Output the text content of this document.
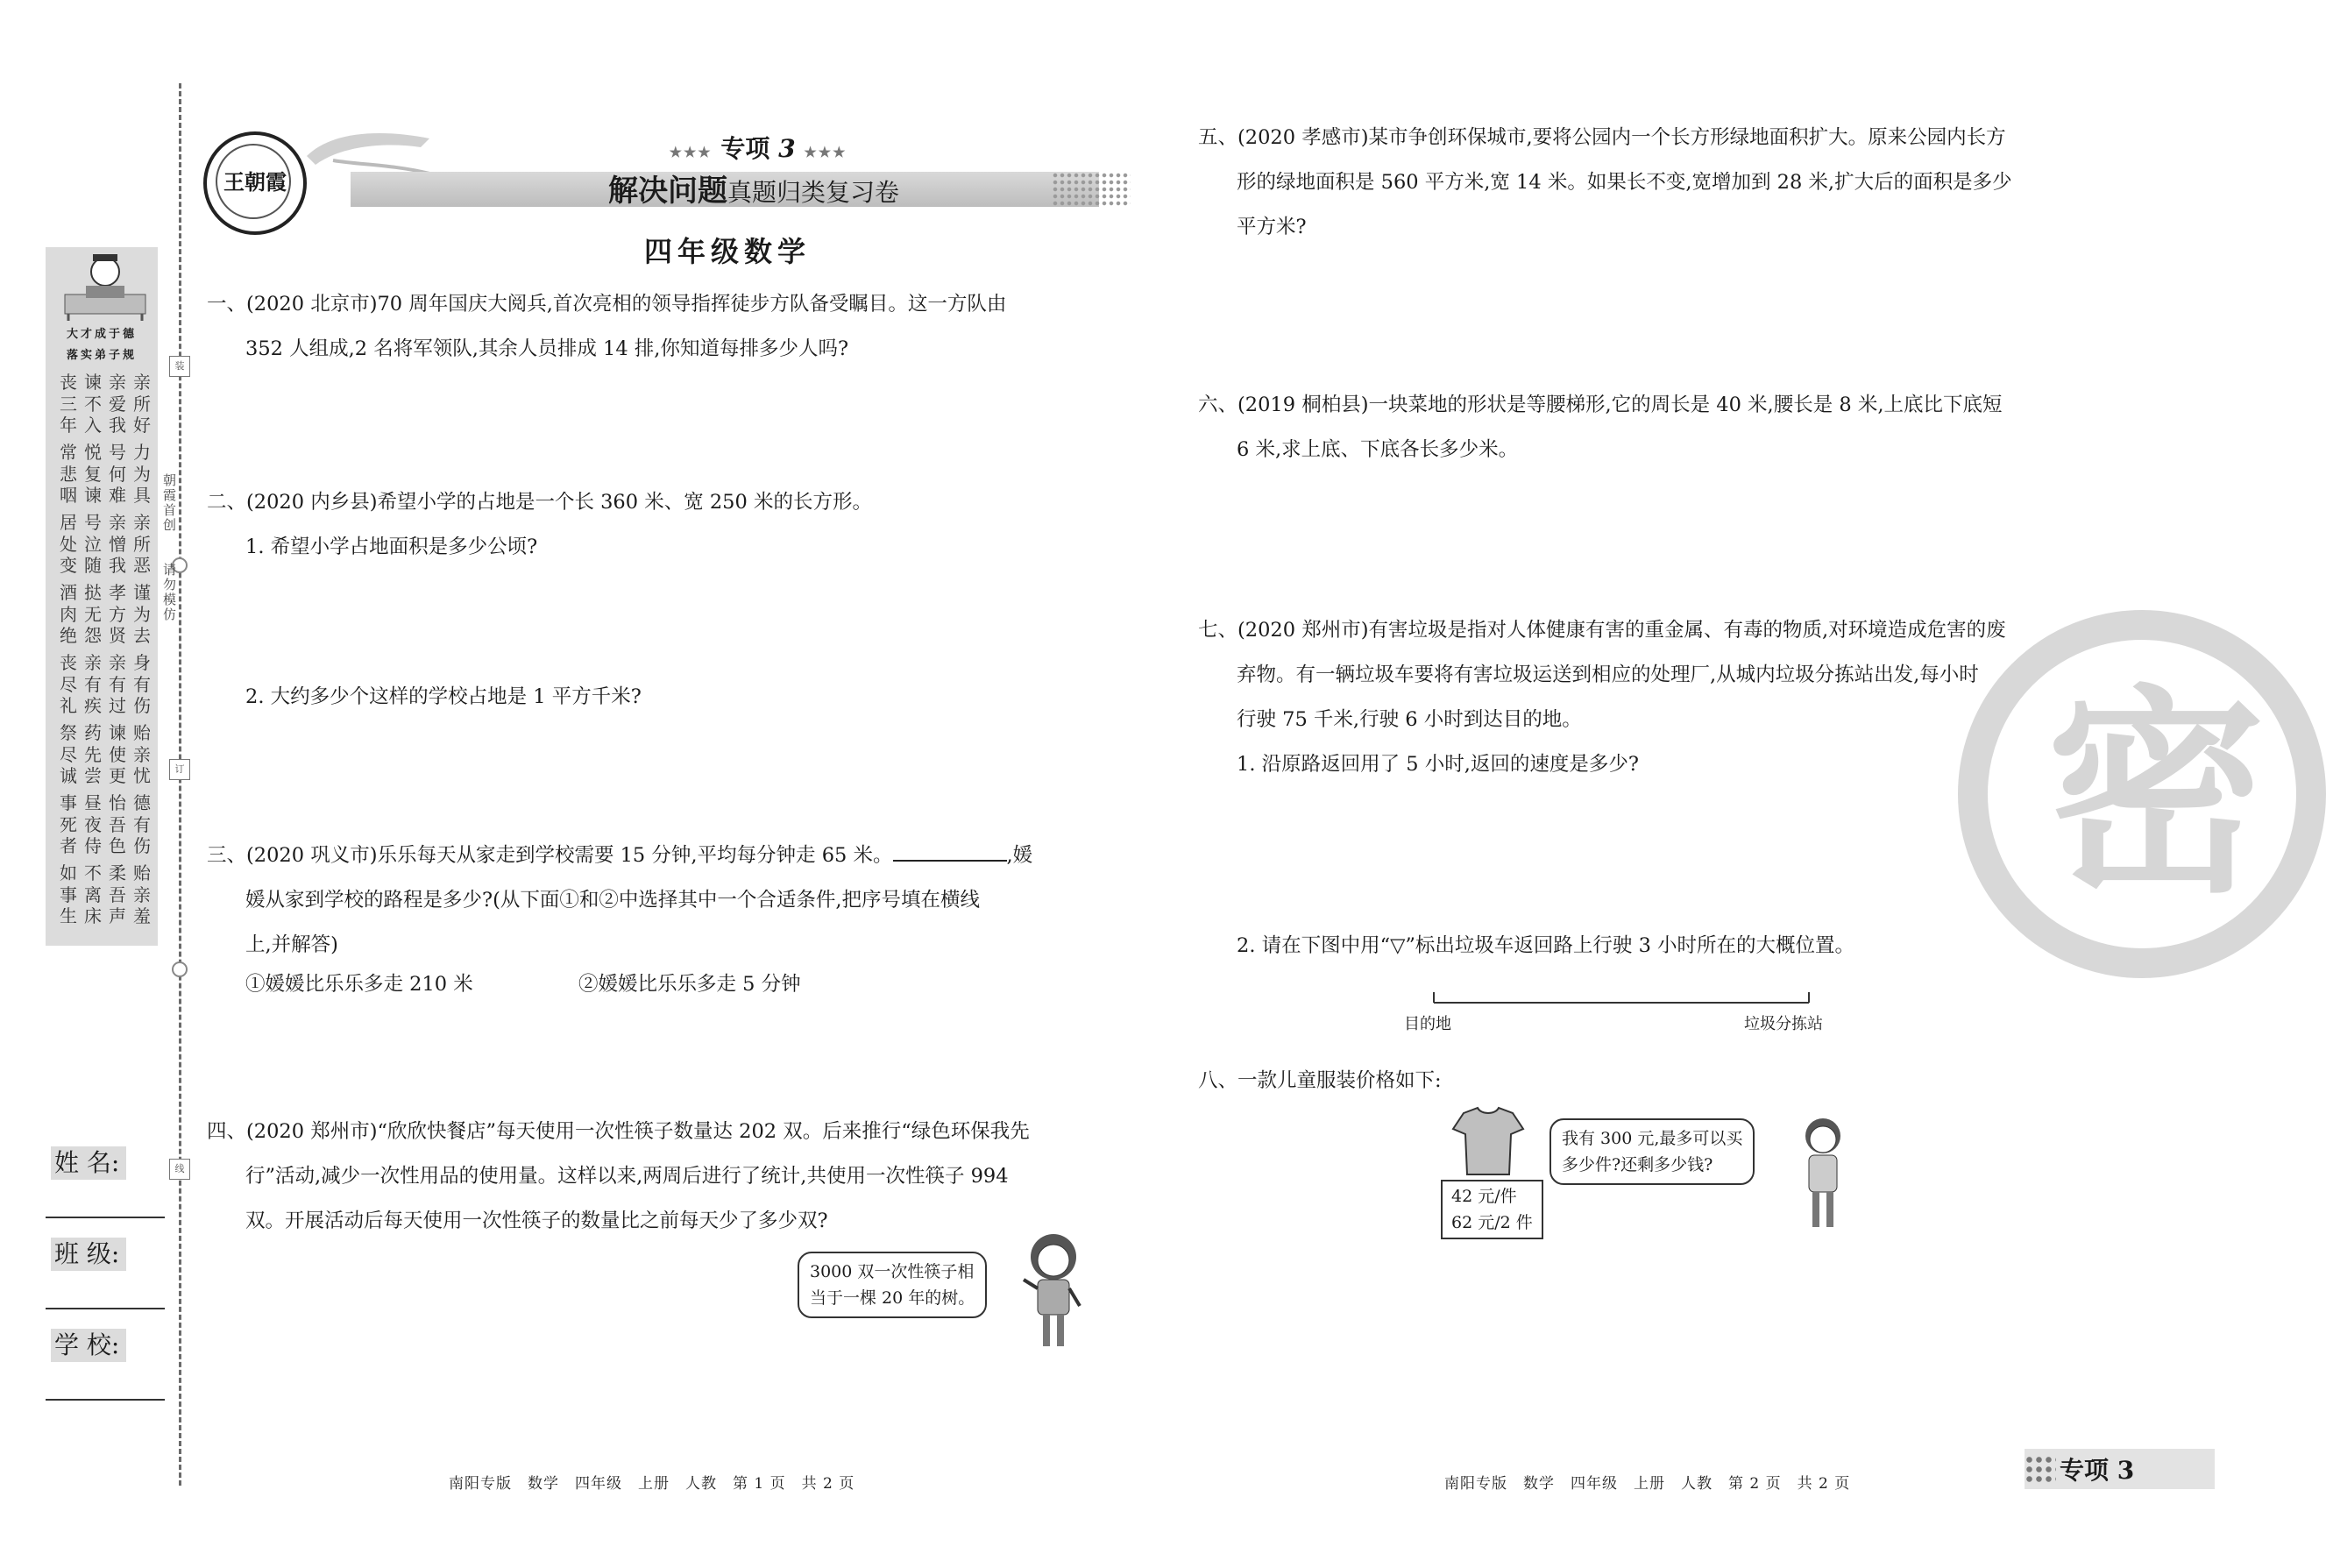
大才成于德
落实弟子规
丧
三
年
谏
不
入
亲
爱
我
亲
所
好
常
悲
咽
悦
复
谏
号
何
难
力
为
具
居
处
变
号
泣
随
亲
憎
我
亲
所
恶
酒
肉
绝
挞
无
怨
孝
方
贤
谨
为
去
丧
尽
礼
亲
有
疾
亲
有
过
身
有
伤
祭
尽
诚
药
先
尝
谏
使
更
贻
亲
忧
事
死
者
昼
夜
侍
怡
吾
色
德
有
伤
如
事
生
不
离
床
柔
吾
声
贻
亲
羞
装
订
线
朝
霞
首
创

请
勿
模
仿
姓 名:
班 级:
学 校:
王朝霞
★★★ 专项 3 ★★★
解决问题真题归类复习卷
四年级数学
一、(2020 北京市)70 周年国庆大阅兵,首次亮相的领导指挥徒步方队备受瞩目。这一方队由
352 人组成,2 名将军领队,其余人员排成 14 排,你知道每排多少人吗?
二、(2020 内乡县)希望小学的占地是一个长 360 米、宽 250 米的长方形。
1. 希望小学占地面积是多少公顷?
2. 大约多少个这样的学校占地是 1 平方千米?
三、(2020 巩义市)乐乐每天从家走到学校需要 15 分钟,平均每分钟走 65 米。	,媛
媛从家到学校的路程是多少?(从下面①和②中选择其中一个合适条件,把序号填在横线
上,并解答)
①媛媛比乐乐多走 210 米	②媛媛比乐乐多走 5 分钟
四、(2020 郑州市)“欣欣快餐店”每天使用一次性筷子数量达 202 双。后来推行“绿色环保我先
行”活动,减少一次性用品的使用量。这样以来,两周后进行了统计,共使用一次性筷子 994
双。开展活动后每天使用一次性筷子的数量比之前每天少了多少双?
3000 双一次性筷子相
当于一棵 20 年的树。
南阳专版　数学　四年级　上册　人教　第 1 页　共 2 页
密
五、(2020 孝感市)某市争创环保城市,要将公园内一个长方形绿地面积扩大。原来公园内长方
形的绿地面积是 560 平方米,宽 14 米。如果长不变,宽增加到 28 米,扩大后的面积是多少
平方米?
六、(2019 桐柏县)一块菜地的形状是等腰梯形,它的周长是 40 米,腰长是 8 米,上底比下底短
6 米,求上底、下底各长多少米。
七、(2020 郑州市)有害垃圾是指对人体健康有害的重金属、有毒的物质,对环境造成危害的废
弃物。有一辆垃圾车要将有害垃圾运送到相应的处理厂,从城内垃圾分拣站出发,每小时
行驶 75 千米,行驶 6 小时到达目的地。
1. 沿原路返回用了 5 小时,返回的速度是多少?
2. 请在下图中用“▽”标出垃圾车返回路上行驶 3 小时所在的大概位置。
目的地	垃圾分拣站
八、一款儿童服装价格如下:
42 元/件
62 元/2 件
我有 300 元,最多可以买
多少件?还剩多少钱?
南阳专版　数学　四年级　上册　人教　第 2 页　共 2 页	专项 3
